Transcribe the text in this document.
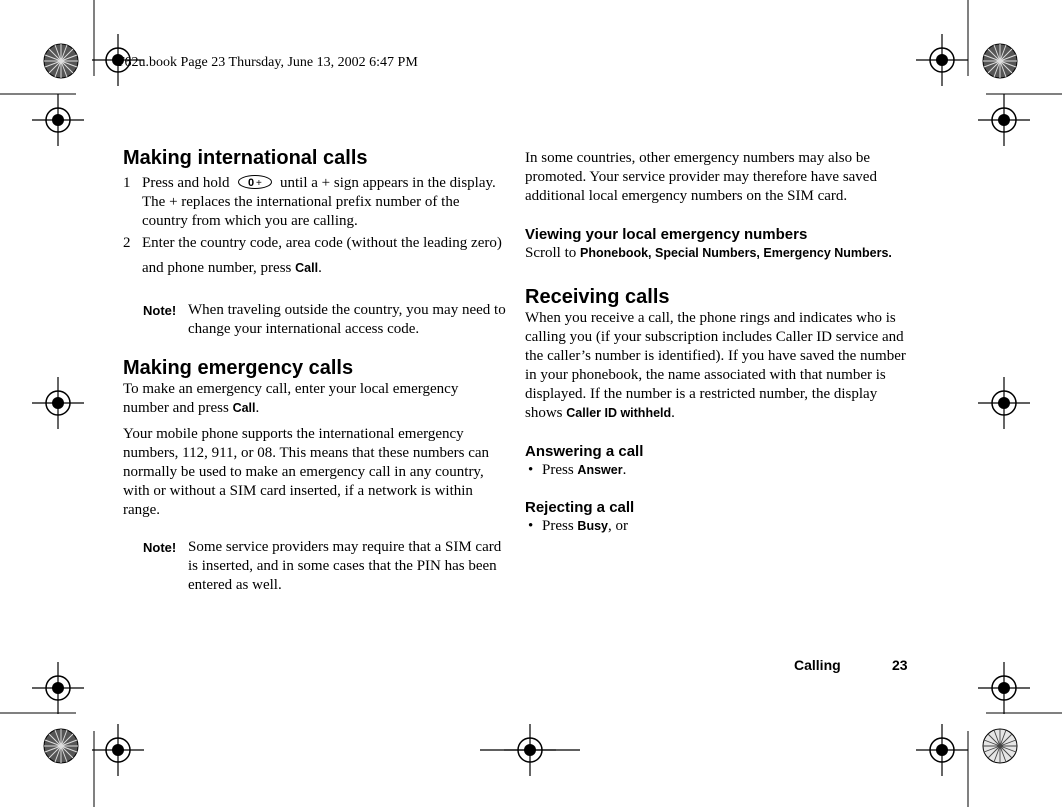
T62u.book Page 23 Thursday, June 13, 2002 6:47 PM
Making international calls
1 Press and hold 0 + until a + sign appears in the display. The + replaces the international prefix number of the country from which you are calling.
2 Enter the country code, area code (without the leading zero) and phone number, press Call.
Note! When traveling outside the country, you may need to change your international access code.
Making emergency calls

To make an emergency call, enter your local emergency number and press Call.

Your mobile phone supports the international emergency numbers, 112, 911, or 08. This means that these numbers can normally be used to make an emergency call in any country, with or without a SIM card inserted, if a network is within range.

Note! Some service providers may require that a SIM card is inserted, and in some cases that the PIN has been entered as well.

In some countries, other emergency numbers may also be promoted. Your service provider may therefore have saved additional local emergency numbers on the SIM card.

Viewing your local emergency numbers

Scroll to Phonebook, Special Numbers, Emergency Numbers.

Receiving calls

When you receive a call, the phone rings and indicates who is calling you (if your subscription includes Caller ID service and the caller’s number is identified). If you have saved the number in your phonebook, the name associated with that number is displayed. If the number is a restricted number, the display shows Caller ID withheld.

Answering a call
• Press Answer.
Rejecting a call
• Press Busy, or
Calling	23
